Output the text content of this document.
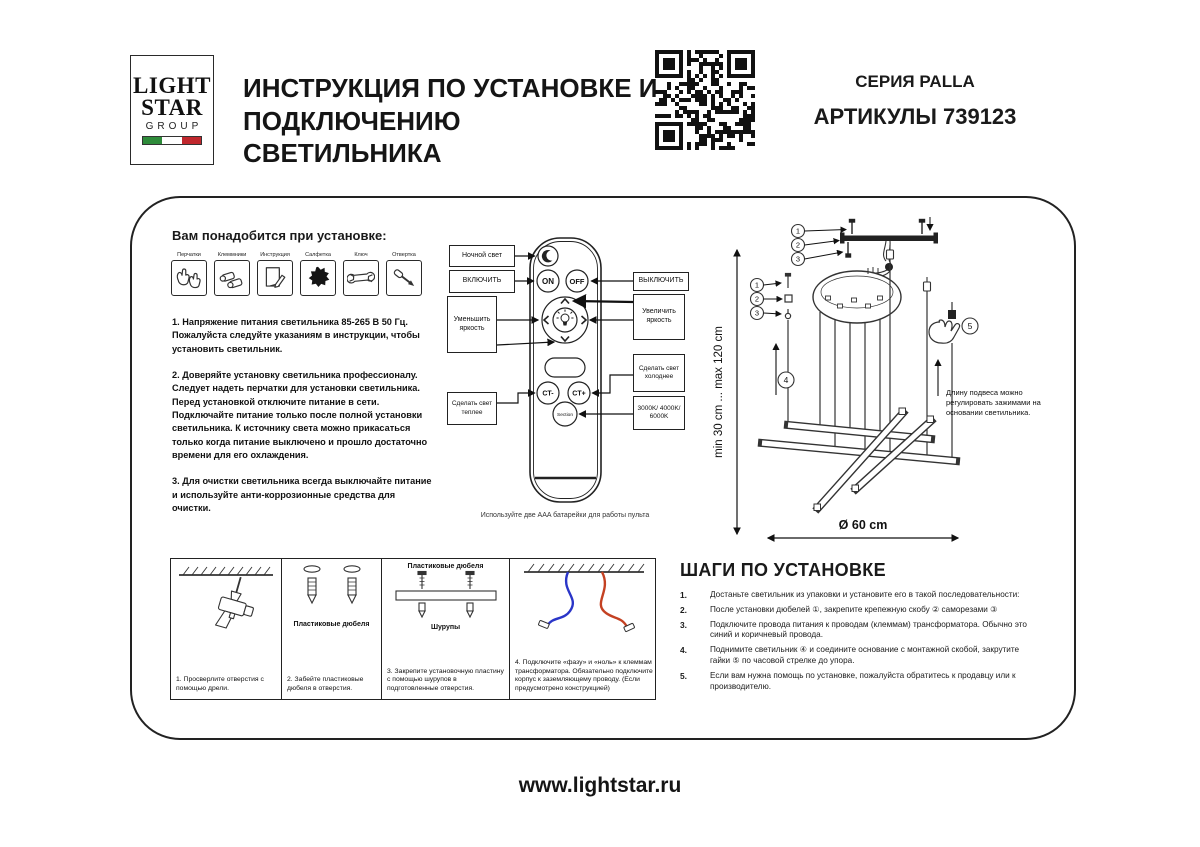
LIGHT
STAR
GROUP
ИНСТРУКЦИЯ ПО УСТАНОВКЕ И
ПОДКЛЮЧЕНИЮ СВЕТИЛЬНИКА
СЕРИЯ PALLA
АРТИКУЛЫ 739123
Вам понадобится при установке:
Перчатки	Клеммники	Инструкция	Салфетка	Ключ	Отвертка

1. Напряжение питания светильника 85-265 В 50 Гц. Пожалуйста следуйте указаниям в инструкции, чтобы установить светильник.

2. Доверяйте установку светильника профессионалу. Следует надеть перчатки для установки светильника. Перед установкой отключите питание в сети. Подключайте питание только после полной установки светильника. К источнику света можно прикасаться только когда питание выключено и прошло достаточно времени для его охлаждения.

3. Для очистки светильника всегда выключайте питание и используйте анти-коррозионные средства для очистки.

ON OFF
CT-	CT+
Section
Ночной свет
ВКЛЮЧИТЬ
Уменьшить яркость
Сделать свет теплее
ВЫКЛЮЧИТЬ
Увеличить яркость
Сделать свет холоднее
3000K/ 4000K/ 6000K
Используйте две AAA батарейки для работы пульта
min 30 cm ... max 120 cm
1
2
3
1
2
3
4
5
Ø 60 cm
Длину подвеса можно регулировать зажимами на основании светильника.
1. Просверлите отверстия с помощью дрели.
Пластиковые дюбеля
2. Забейте пластиковые дюбеля в отверстия.
Пластиковые дюбеля
Шурупы
3. Закрепите установочную пластину с помощью шурупов в подготовленные отверстия.
4. Подключите «фазу» и «ноль» к клеммам трансформатора. Обязательно подключите корпус к заземляющему проводу. (Если предусмотрено конструкцией)
ШАГИ ПО УСТАНОВКЕ
1.	Достаньте светильник из упаковки и установите его в такой последовательности:
2.	После установки дюбелей ①, закрепите крепежную скобу ② саморезами ③
3.	Подключите провода питания к проводам (клеммам) трансформатора. Обычно это синий и коричневый провода.
4.	Поднимите светильник ④ и соедините основание с монтажной скобой, закрутите гайки ⑤ по часовой стрелке до упора.
5.	Если вам нужна помощь по установке, пожалуйста обратитесь к продавцу или к производителю.
www.lightstar.ru
